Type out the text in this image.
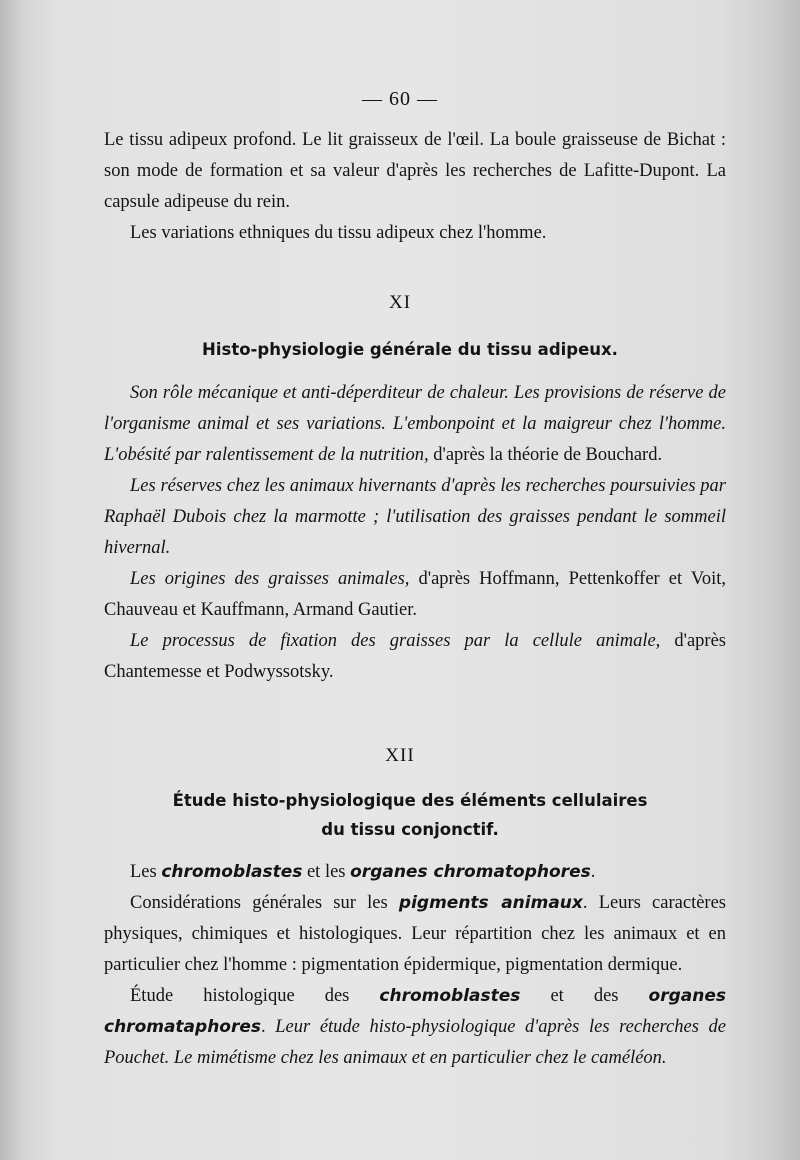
— 60 —

Le tissu adipeux profond. Le lit graisseux de l'œil. La boule graisseuse de Bichat : son mode de formation et sa valeur d'après les recherches de Lafitte-Dupont. La capsule adipeuse du rein.

Les variations ethniques du tissu adipeux chez l'homme.

XI
Histo-physiologie générale du tissu adipeux.

Son rôle mécanique et anti-déperditeur de chaleur. Les provisions de réserve de l'organisme animal et ses variations. L'embonpoint et la maigreur chez l'homme. L'obésité par ralentissement de la nutrition, d'après la théorie de Bouchard.

Les réserves chez les animaux hivernants d'après les recherches poursuivies par Raphaël Dubois chez la marmotte ; l'utilisation des graisses pendant le sommeil hivernal.

Les origines des graisses animales, d'après Hoffmann, Pettenkoffer et Voit, Chauveau et Kauffmann, Armand Gautier.

Le processus de fixation des graisses par la cellule animale, d'après Chantemesse et Podwyssotsky.

XII
Étude histo-physiologique des éléments cellulaires
du tissu conjonctif.

Les chromoblastes et les organes chromatophores.

Considérations générales sur les pigments animaux. Leurs caractères physiques, chimiques et histologiques. Leur répartition chez les animaux et en particulier chez l'homme : pigmentation épidermique, pigmentation dermique.

Étude histologique des chromoblastes et des organes chromataphores. Leur étude histo-physiologique d'après les recherches de Pouchet. Le mimétisme chez les animaux et en particulier chez le caméléon.
